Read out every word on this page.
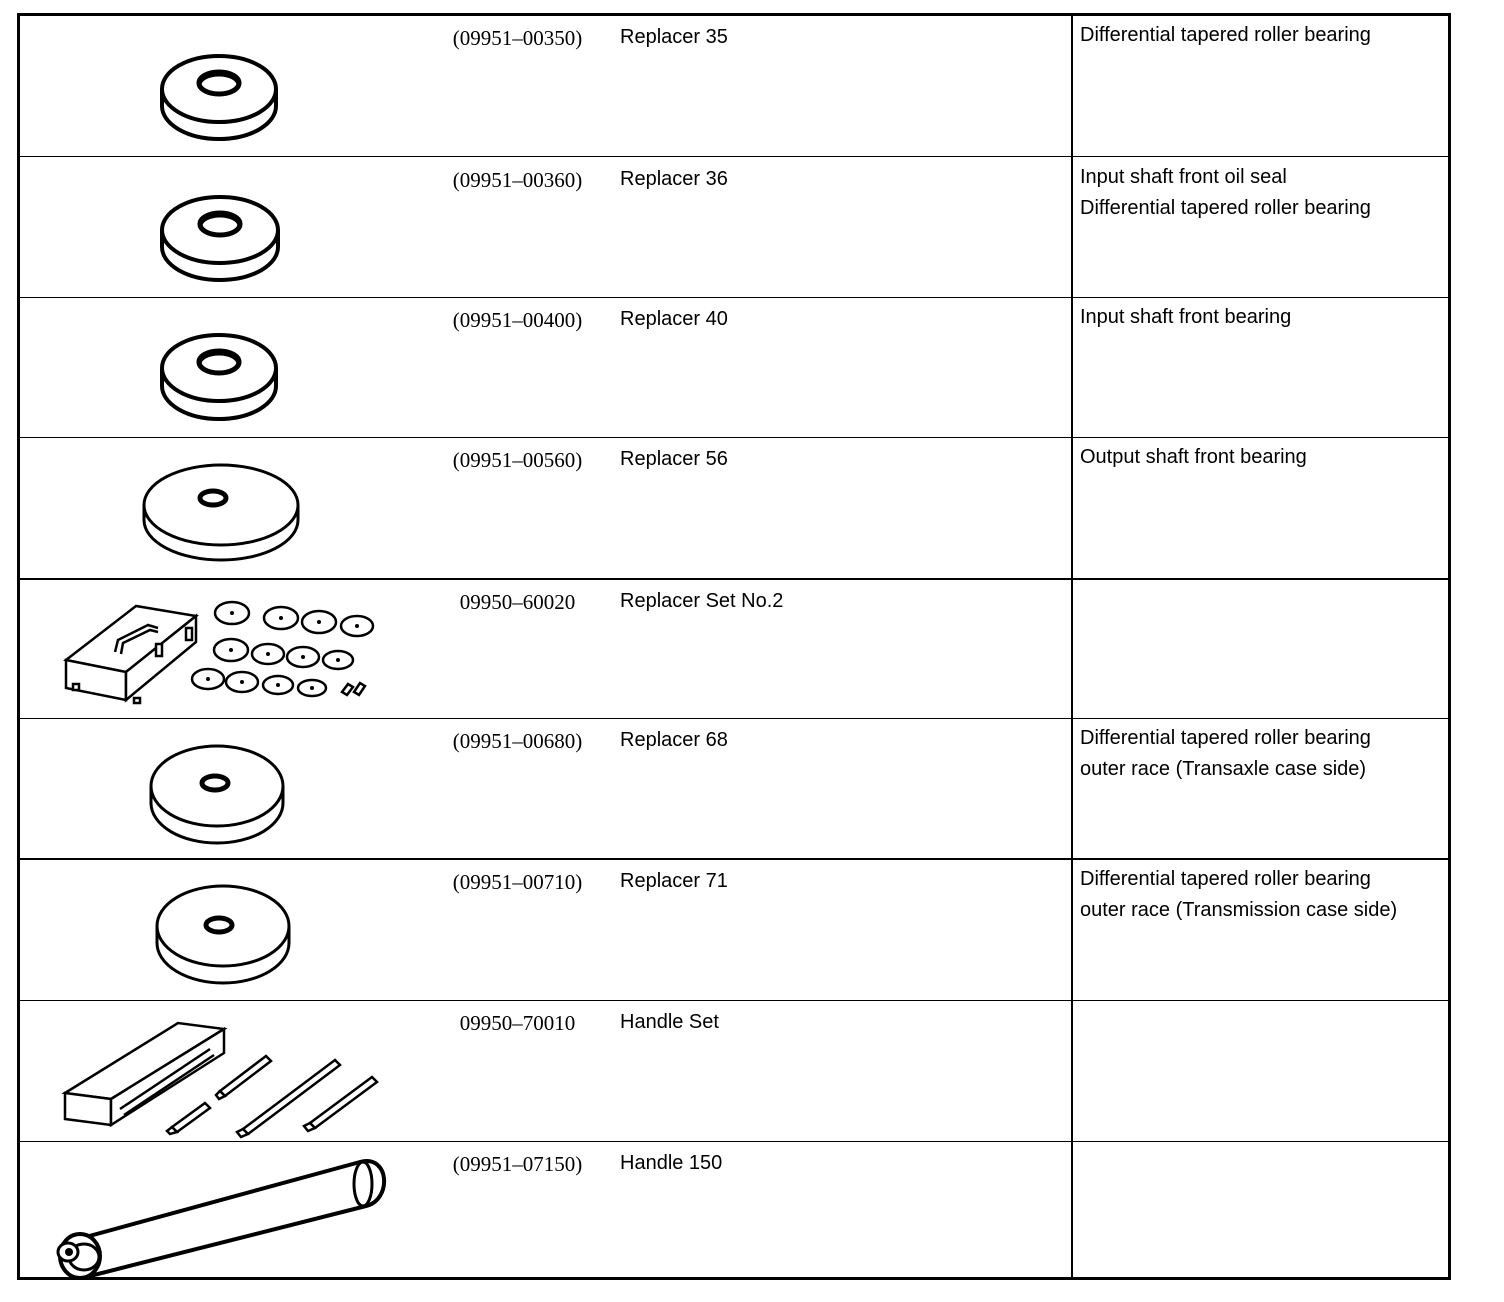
(09951–00350)	Replacer 35	Differential tapered roller bearing
(09951–00360)	Replacer 36	Input shaft front oil seal
Differential tapered roller bearing
(09951–00400)	Replacer 40	Input shaft front bearing
(09951–00560)	Replacer 56	Output shaft front bearing
09950–60020	Replacer Set No.2
(09951–00680)	Replacer 68	Differential tapered roller bearing
outer race (Transaxle case side)
(09951–00710)	Replacer 71	Differential tapered roller bearing
outer race (Transmission case side)
09950–70010	Handle Set
(09951–07150)	Handle 150
